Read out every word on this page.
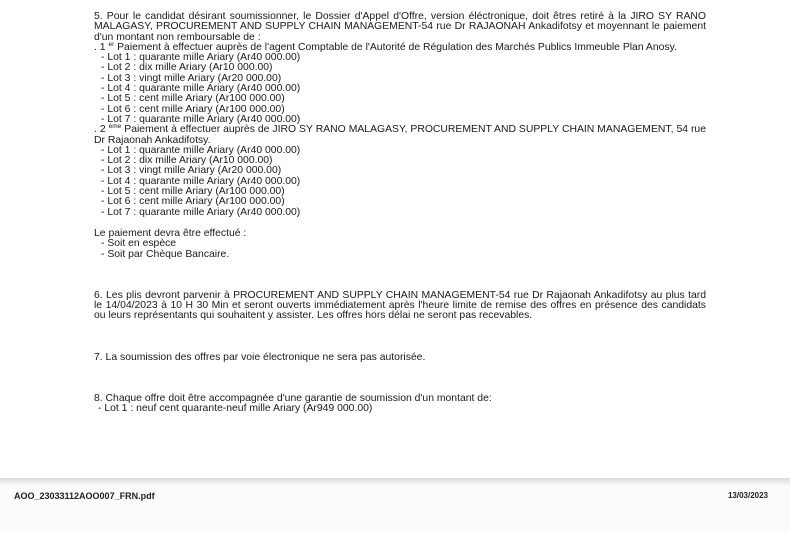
5. Pour le candidat désirant soumissionner, le Dossier d'Appel d'Offre, version éléctronique, doit êtres retiré à la JIRO SY RANO MALAGASY, PROCUREMENT AND SUPPLY CHAIN MANAGEMENT-54 rue Dr RAJAONAH Ankadifotsy et moyennant le paiement d'un montant non remboursable de :

. 1 $^{er}$ Paiement à effectuer auprès de l'agent Comptable de l'Autorité de Régulation des Marchés Publics Immeuble Plan Anosy.

- Lot 1 : quarante mille Ariary (Ar40 000.00)
- Lot 2 : dix mille Ariary (Ar10 000.00)
- Lot 3 : vingt mille Ariary (Ar20 000.00)
- Lot 4 : quarante mille Ariary (Ar40 000.00)
- Lot 5 : cent mille Ariary (Ar100 000.00)
- Lot 6 : cent mille Ariary (Ar100 000.00)
- Lot 7 : quarante mille Ariary (Ar40 000.00)

. 2 $^{ème}$ Paiement à effectuer auprès de JIRO SY RANO MALAGASY, PROCUREMENT AND SUPPLY CHAIN MANAGEMENT, 54 rue Dr Rajaonah Ankadifotsy.

- Lot 1 : quarante mille Ariary (Ar40 000.00)
- Lot 2 : dix mille Ariary (Ar10 000.00)
- Lot 3 : vingt mille Ariary (Ar20 000.00)
- Lot 4 : quarante mille Ariary (Ar40 000.00)
- Lot 5 : cent mille Ariary (Ar100 000.00)
- Lot 6 : cent mille Ariary (Ar100 000.00)
- Lot 7 : quarante mille Ariary (Ar40 000.00)

Le paiement devra être effectué :

- Soit en espèce
- Soit par Chèque Bancaire.

6. Les plis devront parvenir à PROCUREMENT AND SUPPLY CHAIN MANAGEMENT-54 rue Dr Rajaonah Ankadifotsy au plus tard le 14/04/2023 à 10 H 30 Min et seront ouverts immédiatement après l'heure limite de remise des offres en présence des candidats ou leurs représentants qui souhaitent y assister. Les offres hors délai ne seront pas recevables.

7. La soumission des offres par voie électronique ne sera pas autorisée.

8. Chaque offre doit être accompagnée d'une garantie de soumission d'un montant de:

- Lot 1 : neuf cent quarante-neuf mille Ariary (Ar949 000.00)
AOO_23033112AOO007_FRN.pdf	13/03/2023
